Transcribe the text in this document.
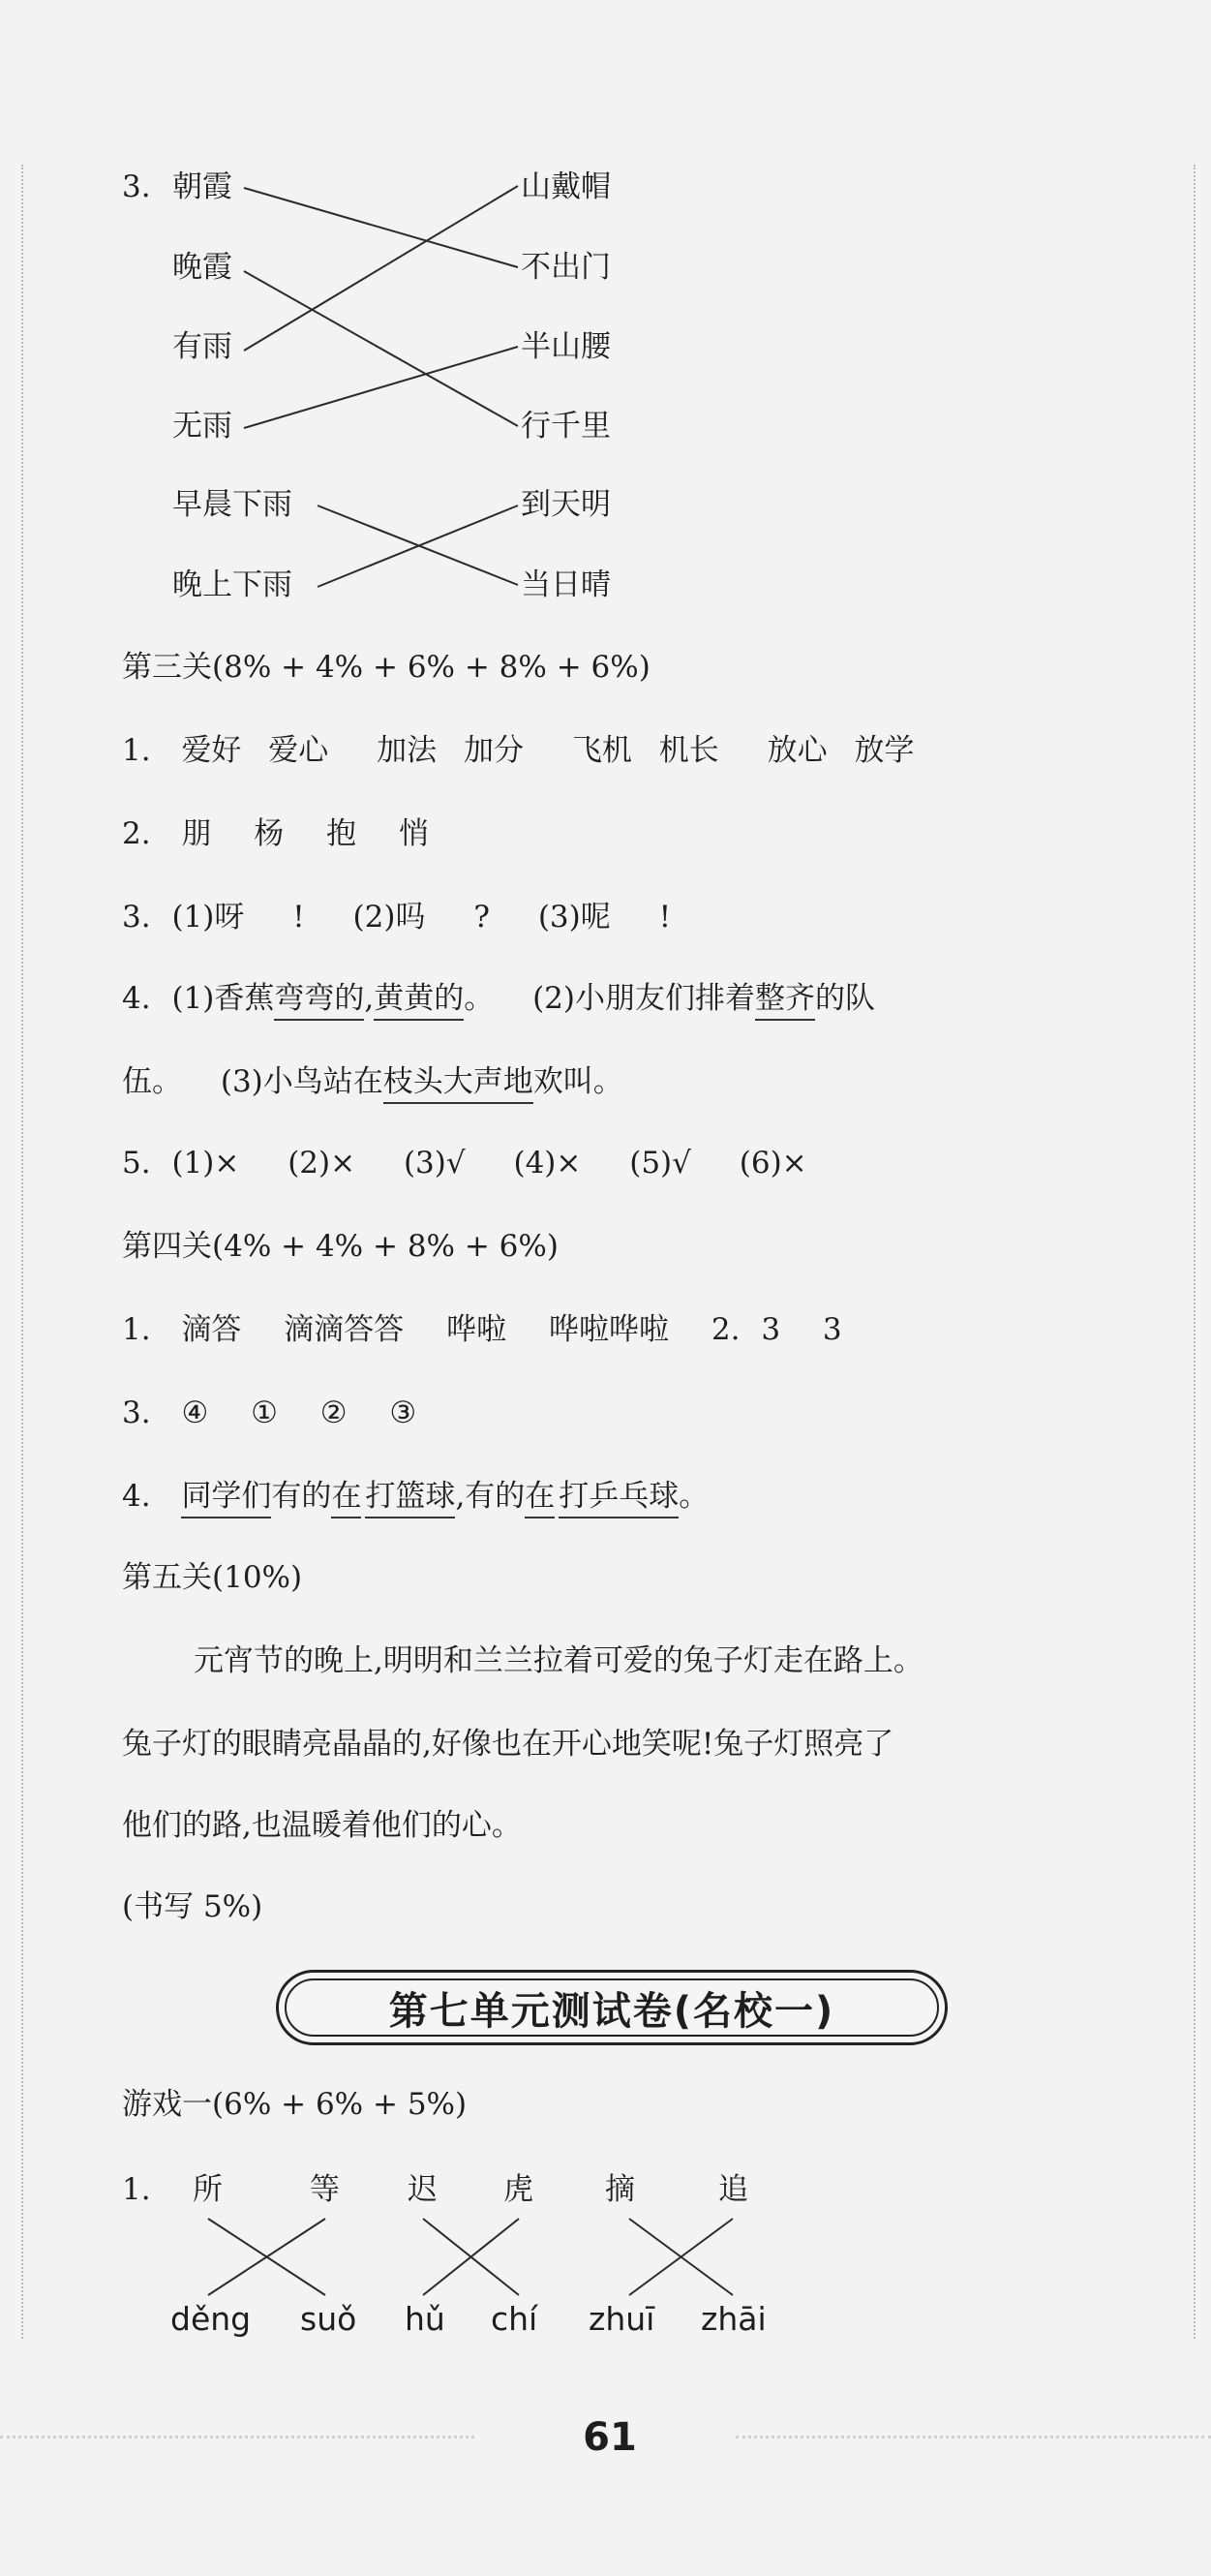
3. 朝霞
晚霞
有雨
无雨
早晨下雨
晚上下雨
山戴帽
不出门
半山腰
行千里
到天明
当日晴
第三关(8% + 4% + 6% + 8% + 6%)
1. 爱好 爱心 加法 加分 飞机 机长 放心 放学
2. 朋 杨 抱 悄
3. (1)呀 ! (2)吗 ? (3)呢 !
4. (1)香蕉弯弯的,黄黄的。 (2)小朋友们排着整齐的队
伍。 (3)小鸟站在枝头大声地欢叫。
5. (1)× (2)× (3)√ (4)× (5)√ (6)×
第四关(4% + 4% + 8% + 6%)
1. 滴答 滴滴答答 哗啦 哗啦哗啦 2. 3 3
3. ④ ① ② ③
4. 同学们有的在 打篮球,有的在 打乒乓球。
第五关(10%)
元宵节的晚上,明明和兰兰拉着可爱的兔子灯走在路上。
兔子灯的眼睛亮晶晶的,好像也在开心地笑呢!兔子灯照亮了
他们的路,也温暖着他们的心。
(书写 5%)
第七单元测试卷(名校一)
游戏一(6% + 6% + 5%)
1. 所	等 迟 虎 摘	追
děng suǒ hǔ chí zhuī zhāi
61
